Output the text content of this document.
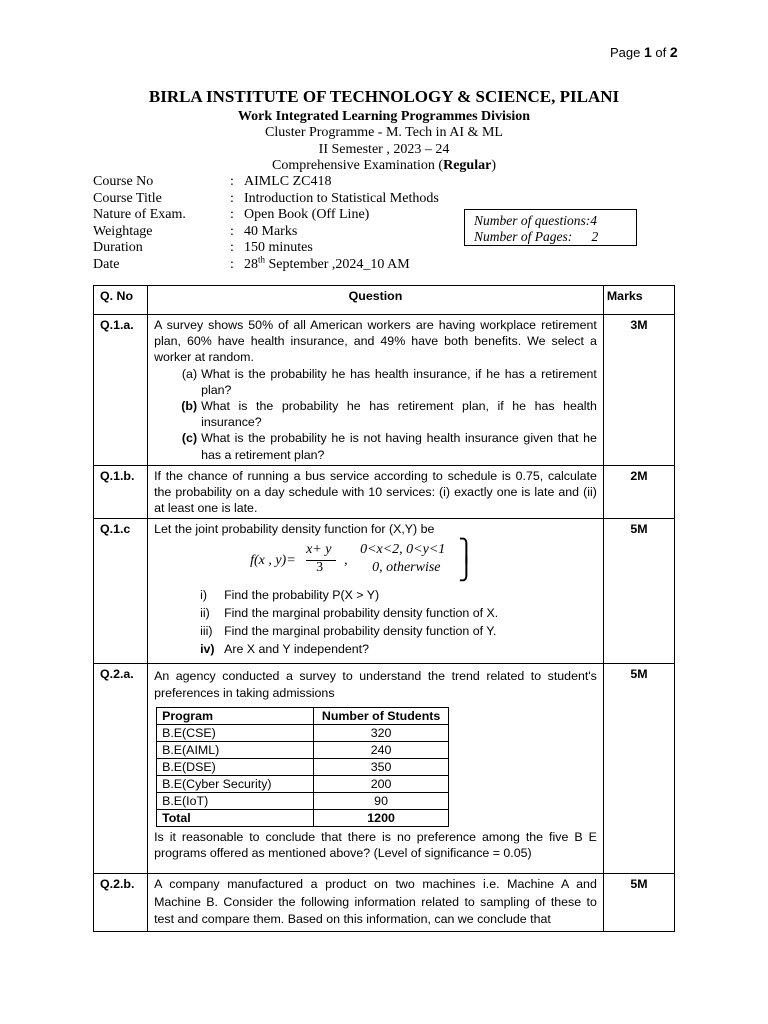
Page 1 of 2
BIRLA INSTITUTE OF TECHNOLOGY & SCIENCE, PILANI
Work Integrated Learning Programmes Division
Cluster Programme - M. Tech in AI & ML
II Semester , 2023 – 24
Comprehensive Examination (Regular)
Course No	: AIMLC ZC418
Course Title	: Introduction to Statistical Methods
Nature of Exam.	: Open Book (Off Line)
Weightage	: 40 Marks
Duration	: 150 minutes
Date	: 28th September ,2024_10 AM
Number of questions:4
Number of Pages: 2
Q. No	Question	Marks
Q.1.a.	A survey shows 50% of all American workers are having workplace retirement plan, 60% have health insurance, and 49% have both benefits. We select a worker at random.
(a) What is the probability he has health insurance, if he has a retirement plan?
(b) What is the probability he has retirement plan, if he has health insurance?
(c) What is the probability he is not having health insurance given that he has a retirement plan?
	3M
Q.1.b.	If the chance of running a bus service according to schedule is 0.75, calculate the probability on a day schedule with 10 services: (i) exactly one is late and (ii) at least one is late.	2M
Q.1.c	Let the joint probability density function for (X,Y) be
f(x , y)=
x+ y
3 ,
0<x<2, 0<y<1
0, otherwise
⎫
⎭
i)	Find the probability P(X > Y)
ii)	Find the marginal probability density function of X.
iii) Find the marginal probability density function of Y.
iv) Are X and Y independent?
	5M
Q.2.a.	An agency conducted a survey to understand the trend related to student's preferences in taking admissions
Program	Number of Students
B.E(CSE)	320
B.E(AIML)	240
B.E(DSE)	350
B.E(Cyber Security)	200
B.E(IoT)	90
Total	1200
Is it reasonable to conclude that there is no preference among the five B E programs offered as mentioned above? (Level of significance = 0.05)
	5M
Q.2.b.	A company manufactured a product on two machines i.e. Machine A and Machine B. Consider the following information related to sampling of these to test and compare them. Based on this information, can we conclude that	5M
